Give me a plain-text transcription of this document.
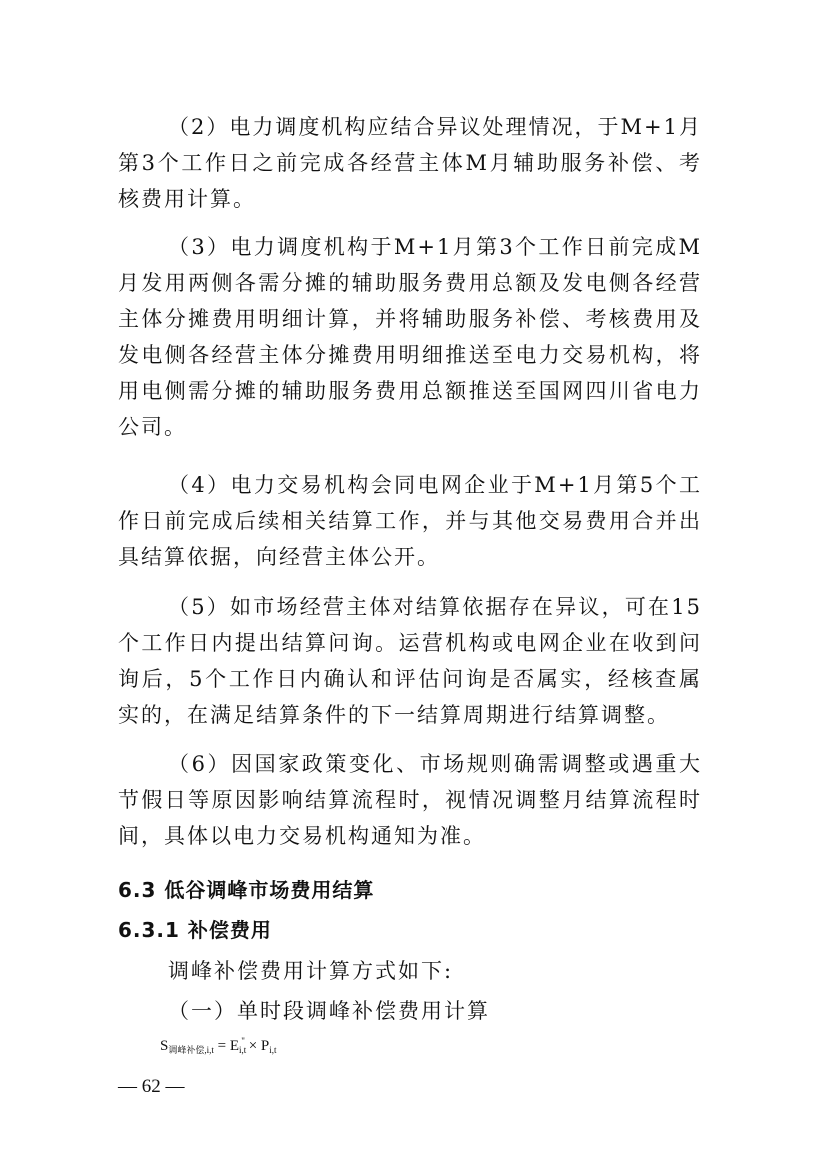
（2）电力调度机构应结合异议处理情况，于M+1月第3个工作日之前完成各经营主体M月辅助服务补偿、考核费用计算。

（3）电力调度机构于M+1月第3个工作日前完成M月发用两侧各需分摊的辅助服务费用总额及发电侧各经营主体分摊费用明细计算，并将辅助服务补偿、考核费用及发电侧各经营主体分摊费用明细推送至电力交易机构，将用电侧需分摊的辅助服务费用总额推送至国网四川省电力公司。

（4）电力交易机构会同电网企业于M+1月第5个工作日前完成后续相关结算工作，并与其他交易费用合并出具结算依据，向经营主体公开。

（5）如市场经营主体对结算依据存在异议，可在15个工作日内提出结算问询。运营机构或电网企业在收到问询后，5个工作日内确认和评估问询是否属实，经核查属实的，在满足结算条件的下一结算周期进行结算调整。

（6）因国家政策变化、市场规则确需调整或遇重大节假日等原因影响结算流程时，视情况调整月结算流程时间，具体以电力交易机构通知为准。

6.3 低谷调峰市场费用结算
6.3.1 补偿费用

调峰补偿费用计算方式如下:

（一）单时段调峰补偿费用计算

$S_{调峰补偿,i,t} = E_{i,t}^" \times P_{i,t}$
— 62 —
